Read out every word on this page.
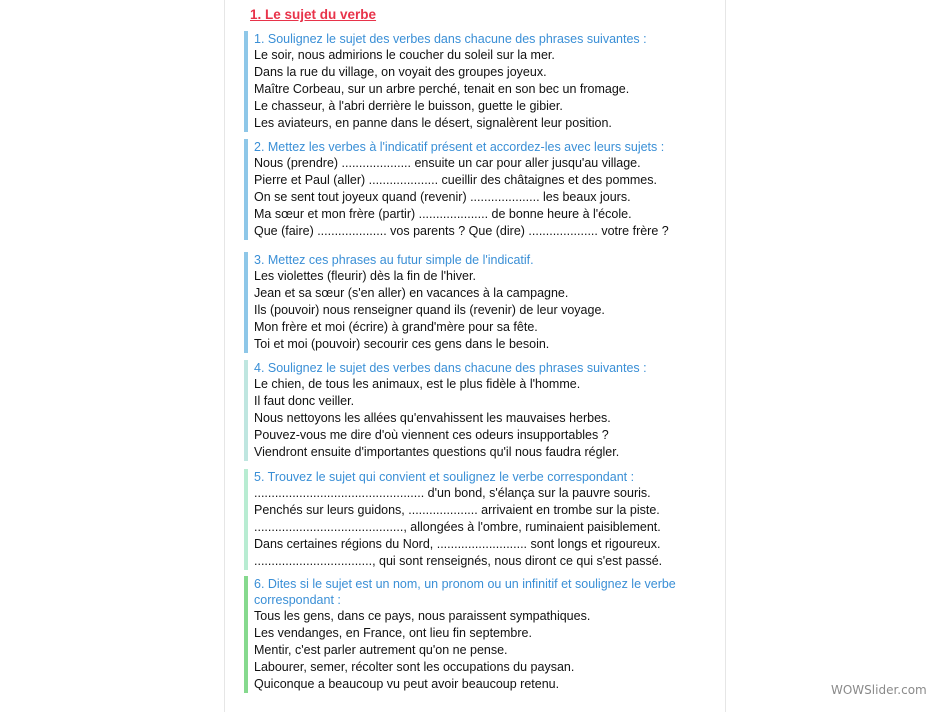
1. Le sujet du verbe
1. Soulignez le sujet des verbes dans chacune des phrases suivantes :
Le soir, nous admirions le coucher du soleil sur la mer.
Dans la rue du village, on voyait des groupes joyeux.
Maître Corbeau, sur un arbre perché, tenait en son bec un fromage.
Le chasseur, à l'abri derrière le buisson, guette le gibier.
Les aviateurs, en panne dans le désert, signalèrent leur position.
2. Mettez les verbes à l'indicatif présent et accordez-les avec leurs sujets :
Nous (prendre) .................... ensuite un car pour aller jusqu'au village.
Pierre et Paul (aller) .................... cueillir des châtaignes et des pommes.
On se sent tout joyeux quand (revenir) .................... les beaux jours.
Ma sœur et mon frère (partir) .................... de bonne heure à l'école.
Que (faire) .................... vos parents ? Que (dire) .................... votre frère ?
3. Mettez ces phrases au futur simple de l'indicatif.
Les violettes (fleurir) dès la fin de l'hiver.
Jean et sa sœur (s'en aller) en vacances à la campagne.
Ils (pouvoir) nous renseigner quand ils (revenir) de leur voyage.
Mon frère et moi (écrire) à grand'mère pour sa fête.
Toi et moi (pouvoir) secourir ces gens dans le besoin.
4. Soulignez le sujet des verbes dans chacune des phrases suivantes :
Le chien, de tous les animaux, est le plus fidèle à l'homme.
Il faut donc veiller.
Nous nettoyons les allées qu'envahissent les mauvaises herbes.
Pouvez-vous me dire d'où viennent ces odeurs insupportables ?
Viendront ensuite d'importantes questions qu'il nous faudra régler.
5. Trouvez le sujet qui convient et soulignez le verbe correspondant :
................................................. d'un bond, s'élança sur la pauvre souris.
Penchés sur leurs guidons, .................... arrivaient en trombe sur la piste.
..........................................., allongées à l'ombre, ruminaient paisiblement.
Dans certaines régions du Nord, .......................... sont longs et rigoureux.
.................................., qui sont renseignés, nous diront ce qui s'est passé.
6. Dites si le sujet est un nom, un pronom ou un infinitif et soulignez le verbe correspondant :
Tous les gens, dans ce pays, nous paraissent sympathiques.
Les vendanges, en France, ont lieu fin septembre.
Mentir, c'est parler autrement qu'on ne pense.
Labourer, semer, récolter sont les occupations du paysan.
Quiconque a beaucoup vu peut avoir beaucoup retenu.	WOWSlider.com
